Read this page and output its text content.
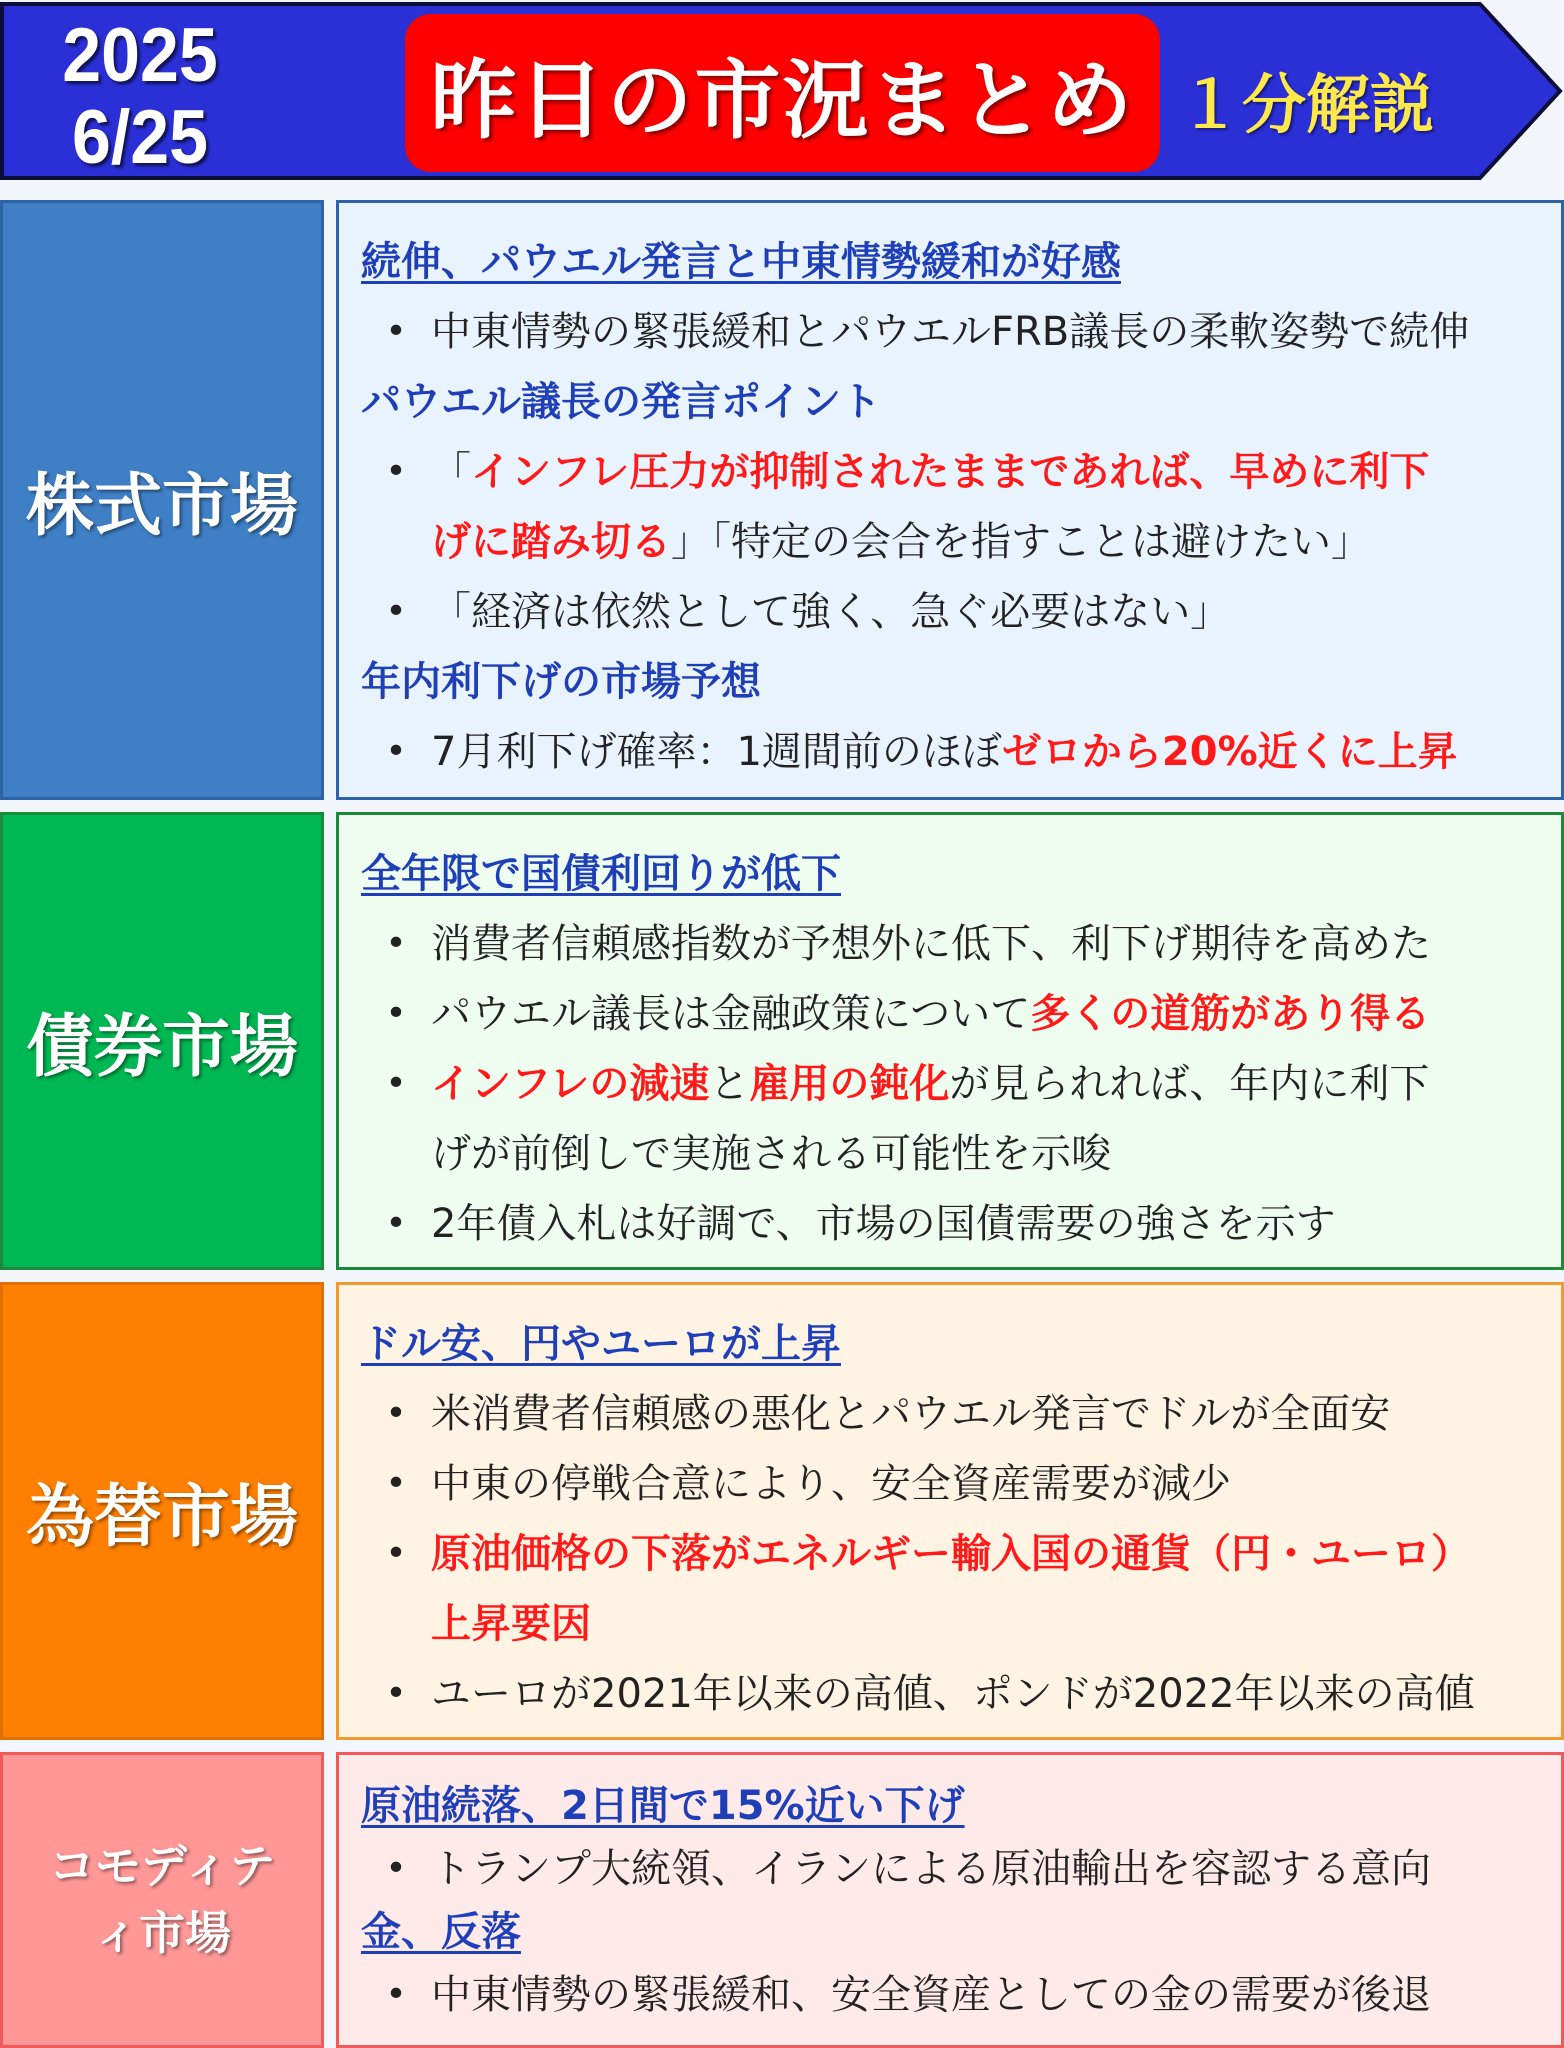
2025
6/25	昨日の市況まとめ １分解説
株式市場
続伸、パウエル発言と中東情勢緩和が好感
• 中東情勢の緊張緩和とパウエルFRB議長の柔軟姿勢で続伸
パウエル議長の発言ポイント
• 「インフレ圧力が抑制されたままであれば、早めに利下
げに踏み切る」「特定の会合を指すことは避けたい」
• 「経済は依然として強く、急ぐ必要はない」
年内利下げの市場予想
• 7月利下げ確率：1週間前のほぼゼロから20%近くに上昇
債券市場
全年限で国債利回りが低下
• 消費者信頼感指数が予想外に低下、利下げ期待を高めた
• パウエル議長は金融政策について多くの道筋があり得る
• インフレの減速と雇用の鈍化が見られれば、年内に利下
げが前倒しで実施される可能性を示唆
• 2年債入札は好調で、市場の国債需要の強さを示す
為替市場
ドル安、円やユーロが上昇
• 米消費者信頼感の悪化とパウエル発言でドルが全面安
• 中東の停戦合意により、安全資産需要が減少
• 原油価格の下落がエネルギー輸入国の通貨（円・ユーロ）
上昇要因
• ユーロが2021年以来の高値、ポンドが2022年以来の高値
コモディテ
ィ市場
原油続落、2日間で15%近い下げ
• トランプ大統領、イランによる原油輸出を容認する意向
金、反落
• 中東情勢の緊張緩和、安全資産としての金の需要が後退
